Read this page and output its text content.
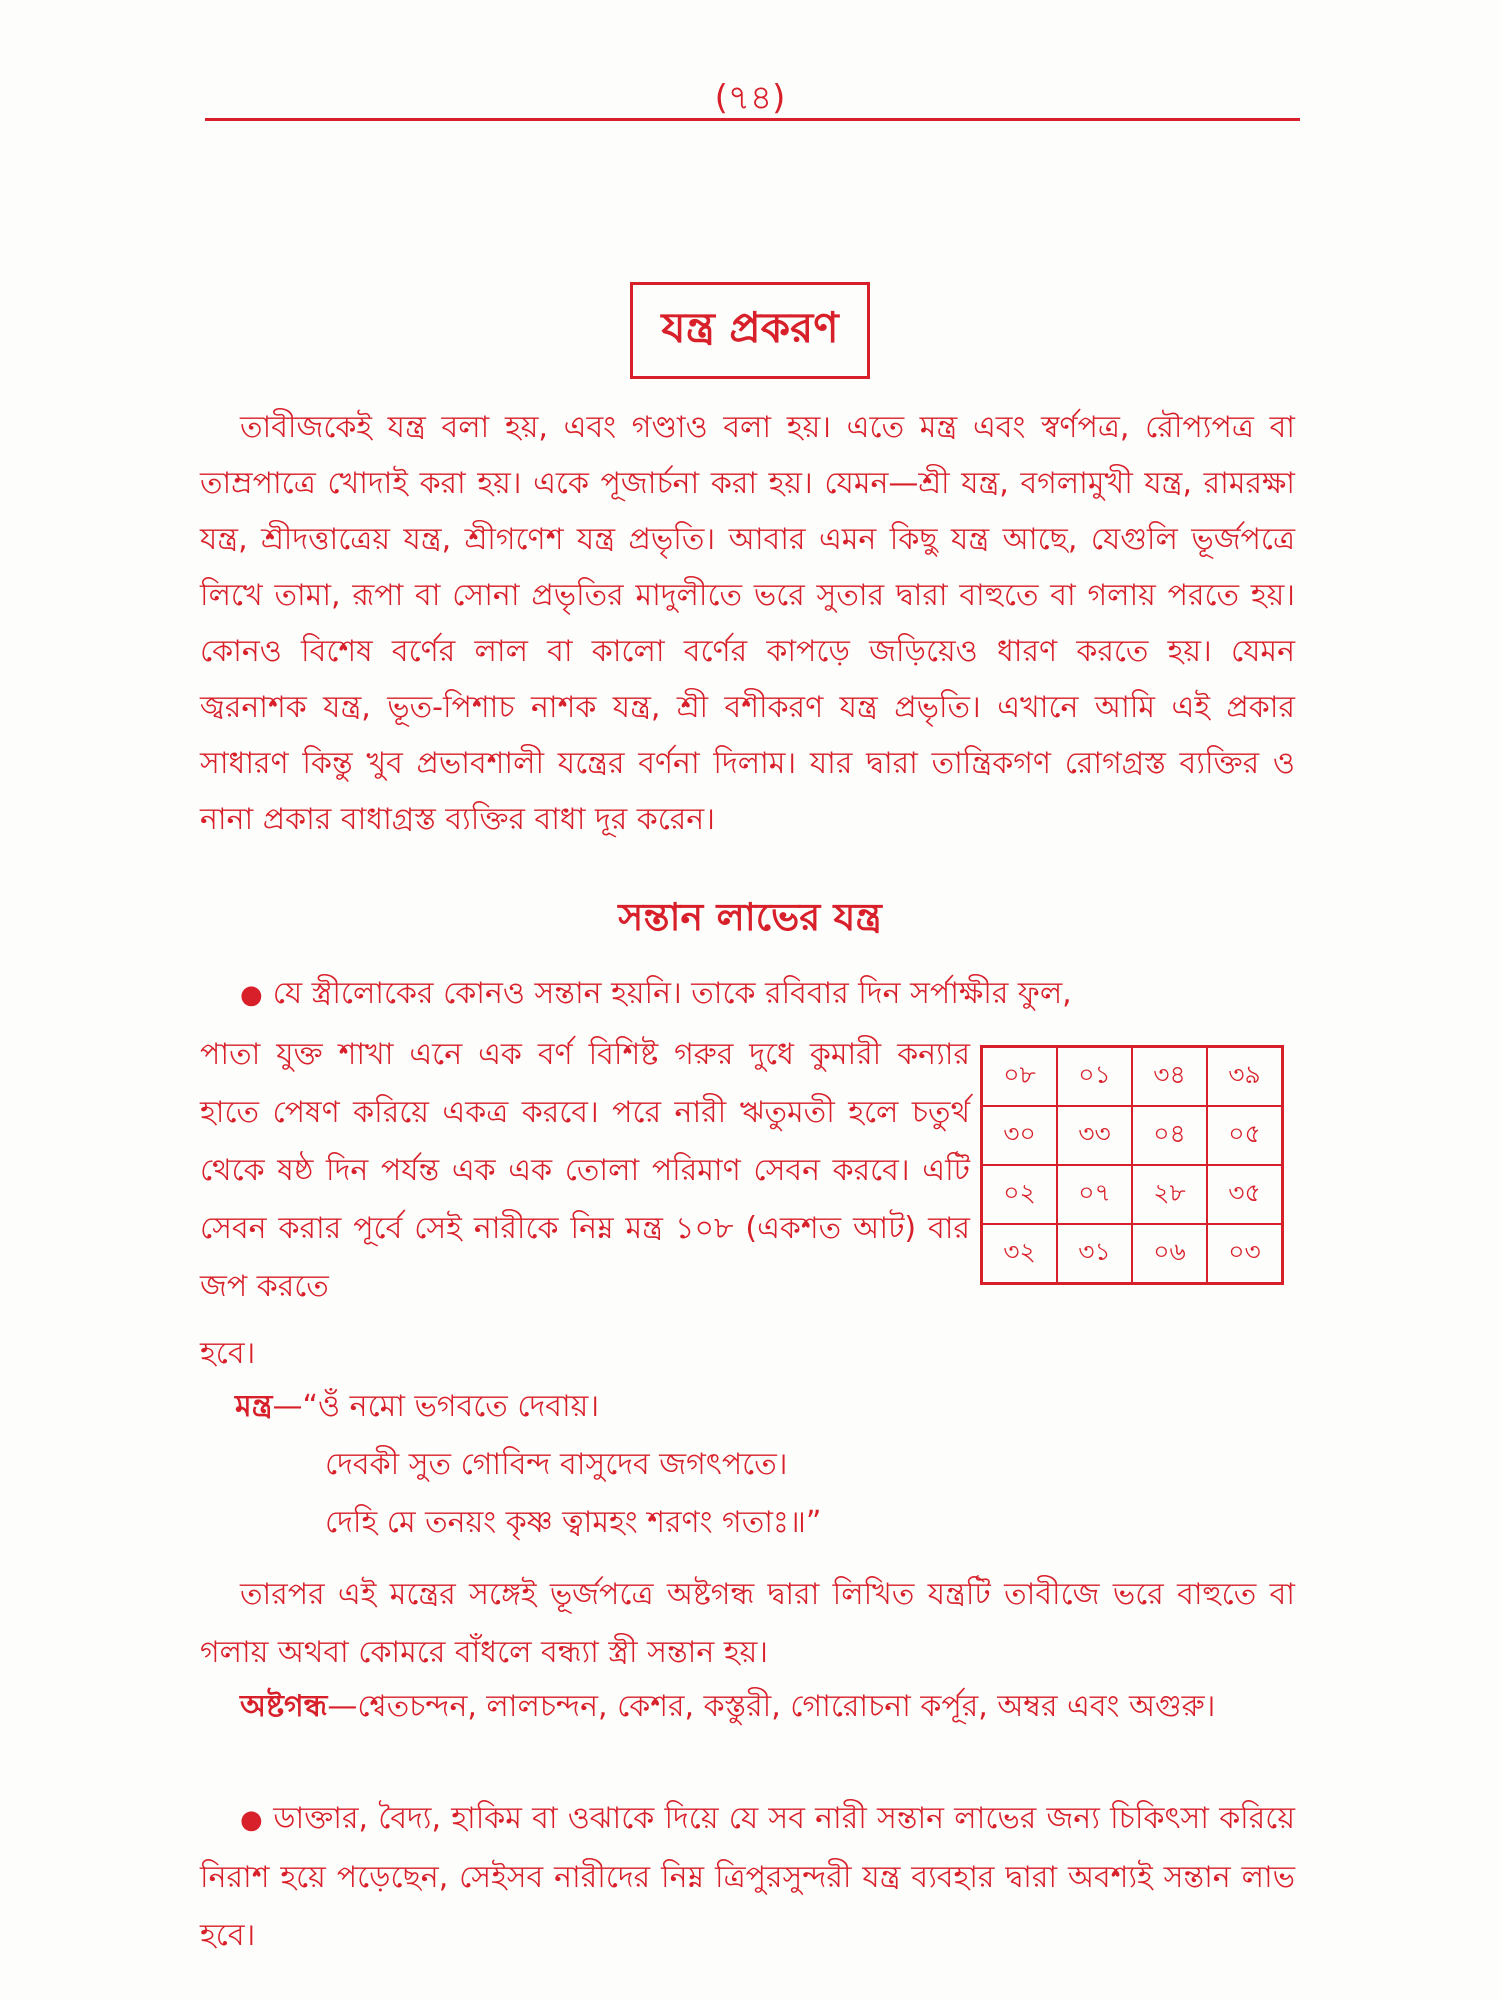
(৭৪)
যন্ত্র প্রকরণ

তাবীজকেই যন্ত্র বলা হয়, এবং গণ্ডাও বলা হয়। এতে মন্ত্র এবং স্বর্ণপত্র, রৌপ্যপত্র বা তাম্রপাত্রে খোদাই করা হয়। একে পূজার্চনা করা হয়। যেমন—শ্রী যন্ত্র, বগলামুখী যন্ত্র, রামরক্ষা যন্ত্র, শ্রীদত্তাত্রেয় যন্ত্র, শ্রীগণেশ যন্ত্র প্রভৃতি। আবার এমন কিছু যন্ত্র আছে, যেগুলি ভূর্জপত্রে লিখে তামা, রূপা বা সোনা প্রভৃতির মাদুলীতে ভরে সুতার দ্বারা বাহুতে বা গলায় পরতে হয়। কোনও বিশেষ বর্ণের লাল বা কালো বর্ণের কাপড়ে জড়িয়েও ধারণ করতে হয়। যেমন জ্বরনাশক যন্ত্র, ভূত-পিশাচ নাশক যন্ত্র, শ্রী বশীকরণ যন্ত্র প্রভৃতি। এখানে আমি এই প্রকার সাধারণ কিন্তু খুব প্রভাবশালী যন্ত্রের বর্ণনা দিলাম। যার দ্বারা তান্ত্রিকগণ রোগগ্রস্ত ব্যক্তির ও নানা প্রকার বাধাগ্রস্ত ব্যক্তির বাধা দূর করেন।

সন্তান লাভের যন্ত্র
● যে স্ত্রীলোকের কোনও সন্তান হয়নি। তাকে রবিবার দিন সর্পাক্ষীর ফুল,
পাতা যুক্ত শাখা এনে এক বর্ণ বিশিষ্ট গরুর দুধে কুমারী কন্যার হাতে পেষণ করিয়ে একত্র করবে। পরে নারী ঋতুমতী হলে চতুর্থ থেকে ষষ্ঠ দিন পর্যন্ত এক এক তোলা পরিমাণ সেবন করবে। এটি সেবন করার পূর্বে সেই নারীকে নিম্ন মন্ত্র ১০৮ (একশত আট) বার জপ করতে
০৮	০১	৩৪	৩৯
৩০	৩৩	০৪	০৫
০২	০৭	২৮	৩৫
৩২	৩১	০৬	০৩
হবে।
মন্ত্র—“ওঁ নমো ভগবতে দেবায়।
দেবকী সুত গোবিন্দ বাসুদেব জগৎপতে।
দেহি মে তনয়ং কৃষ্ণ ত্বামহং শরণং গতাঃ॥”

তারপর এই মন্ত্রের সঙ্গেই ভূর্জপত্রে অষ্টগন্ধ দ্বারা লিখিত যন্ত্রটি তাবীজে ভরে বাহুতে বা গলায় অথবা কোমরে বাঁধলে বন্ধ্যা স্ত্রী সন্তান হয়।

অষ্টগন্ধ—শ্বেতচন্দন, লালচন্দন, কেশর, কস্তুরী, গোরোচনা কর্পূর, অম্বর এবং অগুরু।

● ডাক্তার, বৈদ্য, হাকিম বা ওঝাকে দিয়ে যে সব নারী সন্তান লাভের জন্য চিকিৎসা করিয়ে নিরাশ হয়ে পড়েছেন, সেইসব নারীদের নিম্ন ত্রিপুরসুন্দরী যন্ত্র ব্যবহার দ্বারা অবশ্যই সন্তান লাভ হবে।
